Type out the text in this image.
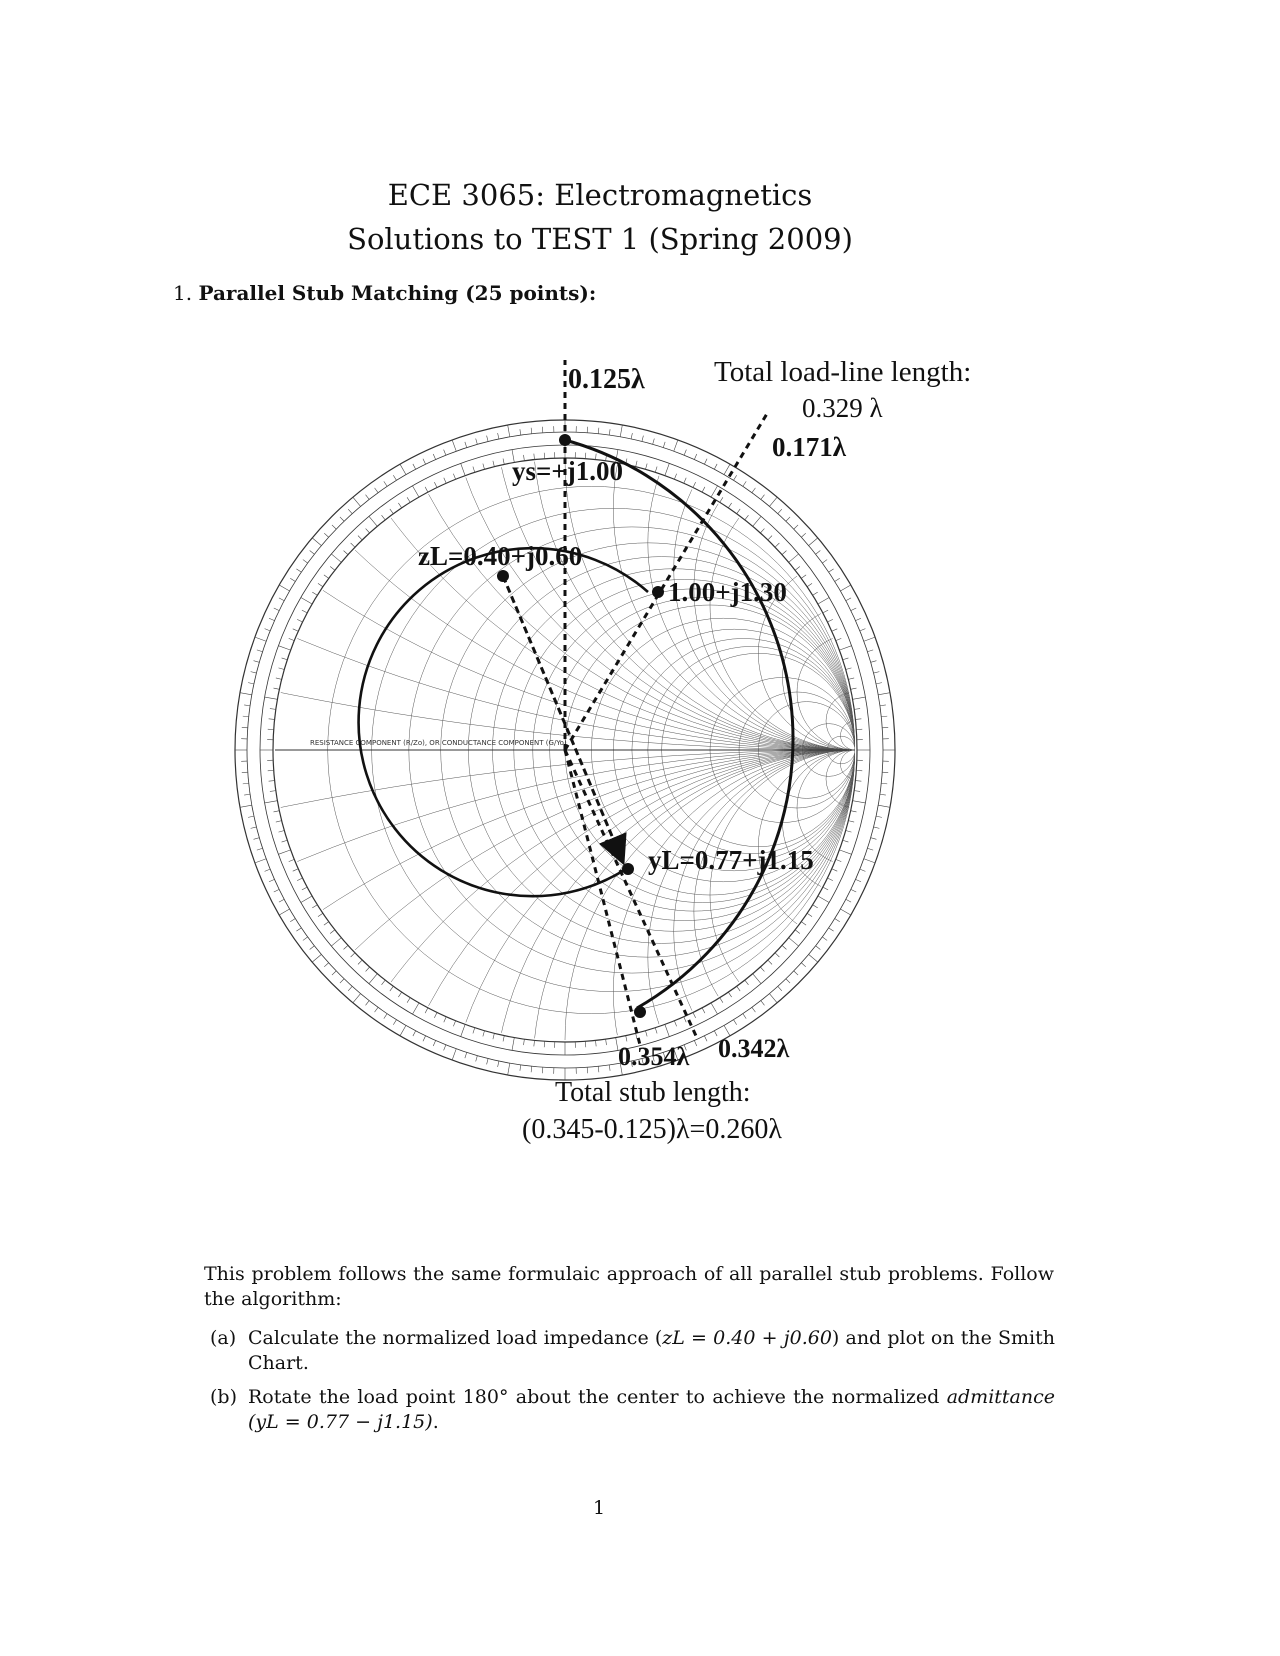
ECE 3065: Electromagnetics
Solutions to TEST 1 (Spring 2009)
1. Parallel Stub Matching (25 points):
RESISTANCE COMPONENT (R/Zo), OR CONDUCTANCE COMPONENT (G/Yo)
0.125λ Total load-line length:
0.329 λ
0.171λ
ys=+j1.00
zL=0.40+j0.60
1.00+j1.30
yL=0.77+j1.15
0.354λ 0.342λ
Total stub length:
(0.345-0.125)λ=0.260λ
This problem follows the same formulaic approach of all parallel stub problems. Follow the algorithm:
(a) Calculate the normalized load impedance (zL = 0.40 + j0.60) and plot on the Smith Chart.
(b) Rotate the load point 180° about the center to achieve the normalized admittance (yL = 0.77 − j1.15).
1
